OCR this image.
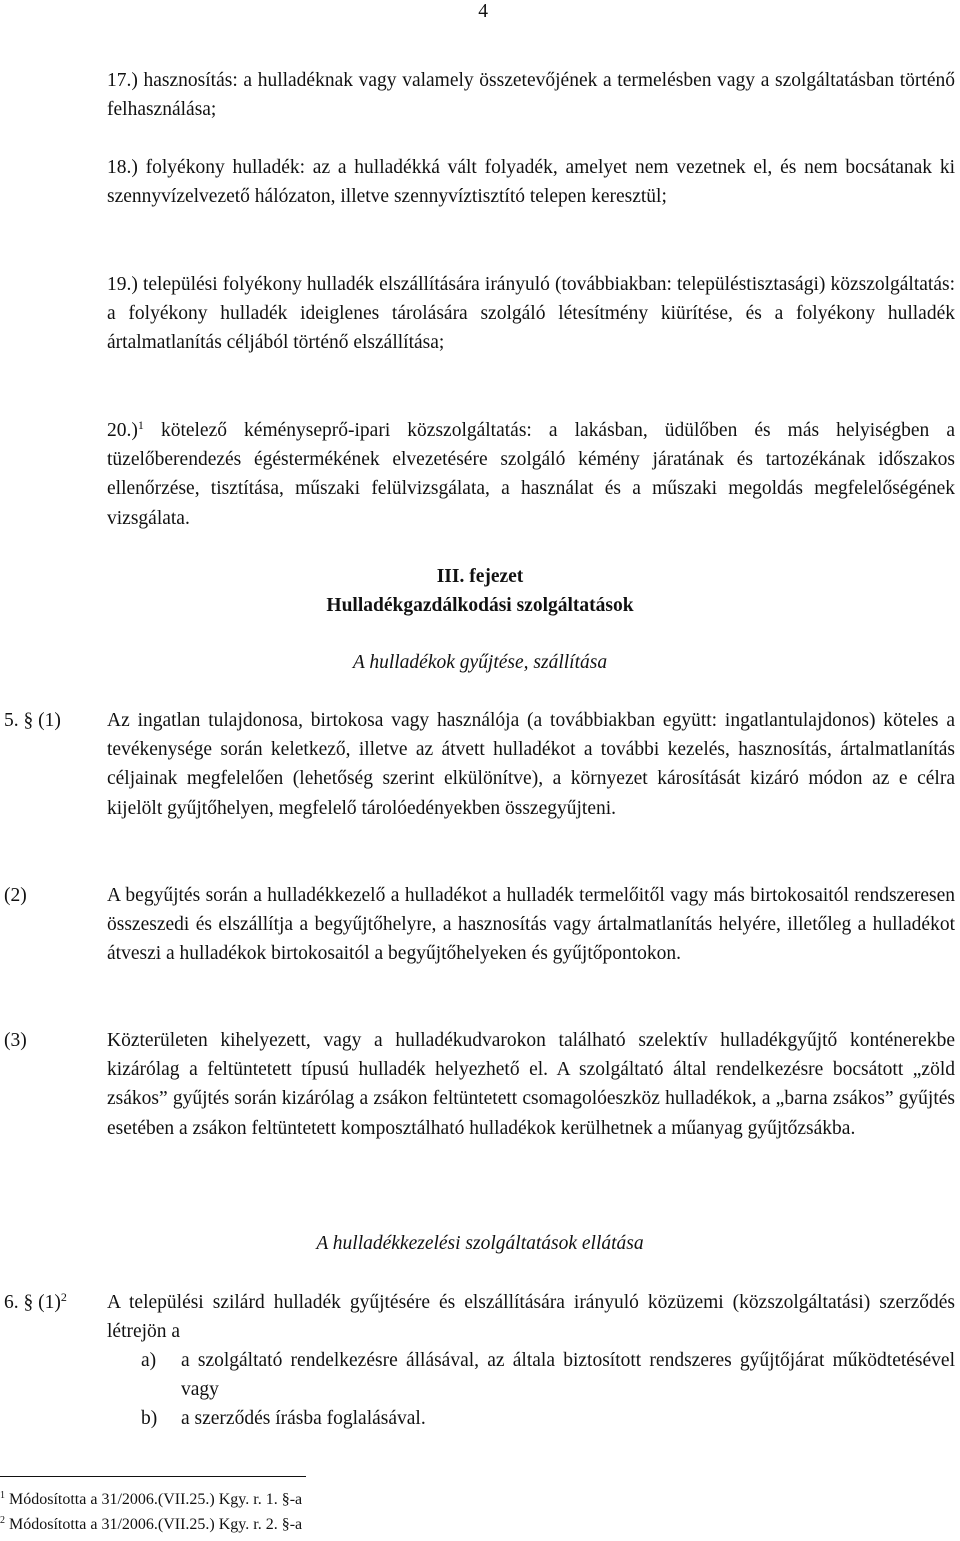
4
17.) hasznosítás: a hulladéknak vagy valamely összetevőjének a termelésben vagy a szolgáltatásban történő felhasználása;
18.) folyékony hulladék: az a hulladékká vált folyadék, amelyet nem vezetnek el, és nem bocsátanak ki szennyvízelvezető hálózaton, illetve szennyvíztisztító telepen keresztül;
19.) települési folyékony hulladék elszállítására irányuló (továbbiakban: településtisztasági) közszolgáltatás: a folyékony hulladék ideiglenes tárolására szolgáló létesítmény kiürítése, és a folyékony hulladék ártalmatlanítás céljából történő elszállítása;
20.)$^1$ kötelező kéményseprő-ipari közszolgáltatás: a lakásban, üdülőben és más helyiségben a tüzelőberendezés égéstermékének elvezetésére szolgáló kémény járatának és tartozékának időszakos ellenőrzése, tisztítása, műszaki felülvizsgálata, a használat és a műszaki megoldás megfelelőségének vizsgálata.
III. fejezet
Hulladékgazdálkodási szolgáltatások
A hulladékok gyűjtése, szállítása
5. § (1) Az ingatlan tulajdonosa, birtokosa vagy használója (a továbbiakban együtt: ingatlantulajdonos) köteles a tevékenysége során keletkező, illetve az átvett hulladékot a további kezelés, hasznosítás, ártalmatlanítás céljainak megfelelően (lehetőség szerint elkülönítve), a környezet károsítását kizáró módon az e célra kijelölt gyűjtőhelyen, megfelelő tárolóedényekben összegyűjteni.
(2)	A begyűjtés során a hulladékkezelő a hulladékot a hulladék termelőitől vagy más birtokosaitól rendszeresen összeszedi és elszállítja a begyűjtőhelyre, a hasznosítás vagy ártalmatlanítás helyére, illetőleg a hulladékot átveszi a hulladékok birtokosaitól a begyűjtőhelyeken és gyűjtőpontokon.
(3)	Közterületen kihelyezett, vagy a hulladékudvarokon található szelektív hulladékgyűjtő konténerekbe kizárólag a feltüntetett típusú hulladék helyezhető el. A szolgáltató által rendelkezésre bocsátott „zöld zsákos” gyűjtés során kizárólag a zsákon feltüntetett csomagolóeszköz hulladékok, a „barna zsákos” gyűjtés esetében a zsákon feltüntetett komposztálható hulladékok kerülhetnek a műanyag gyűjtőzsákba.
A hulladékkezelési szolgáltatások ellátása
6. § $(1)^2$ A települési szilárd hulladék gyűjtésére és elszállítására irányuló közüzemi (közszolgáltatási) szerződés létrejön a
a) a szolgáltató rendelkezésre állásával, az általa biztosított rendszeres gyűjtőjárat működtetésével vagy
b) a szerződés írásba foglalásával.
$^1$ Módosította a 31/2006.(VII.25.) Kgy. r. 1. §-a
$^2$ Módosította a 31/2006.(VII.25.) Kgy. r. 2. §-a
